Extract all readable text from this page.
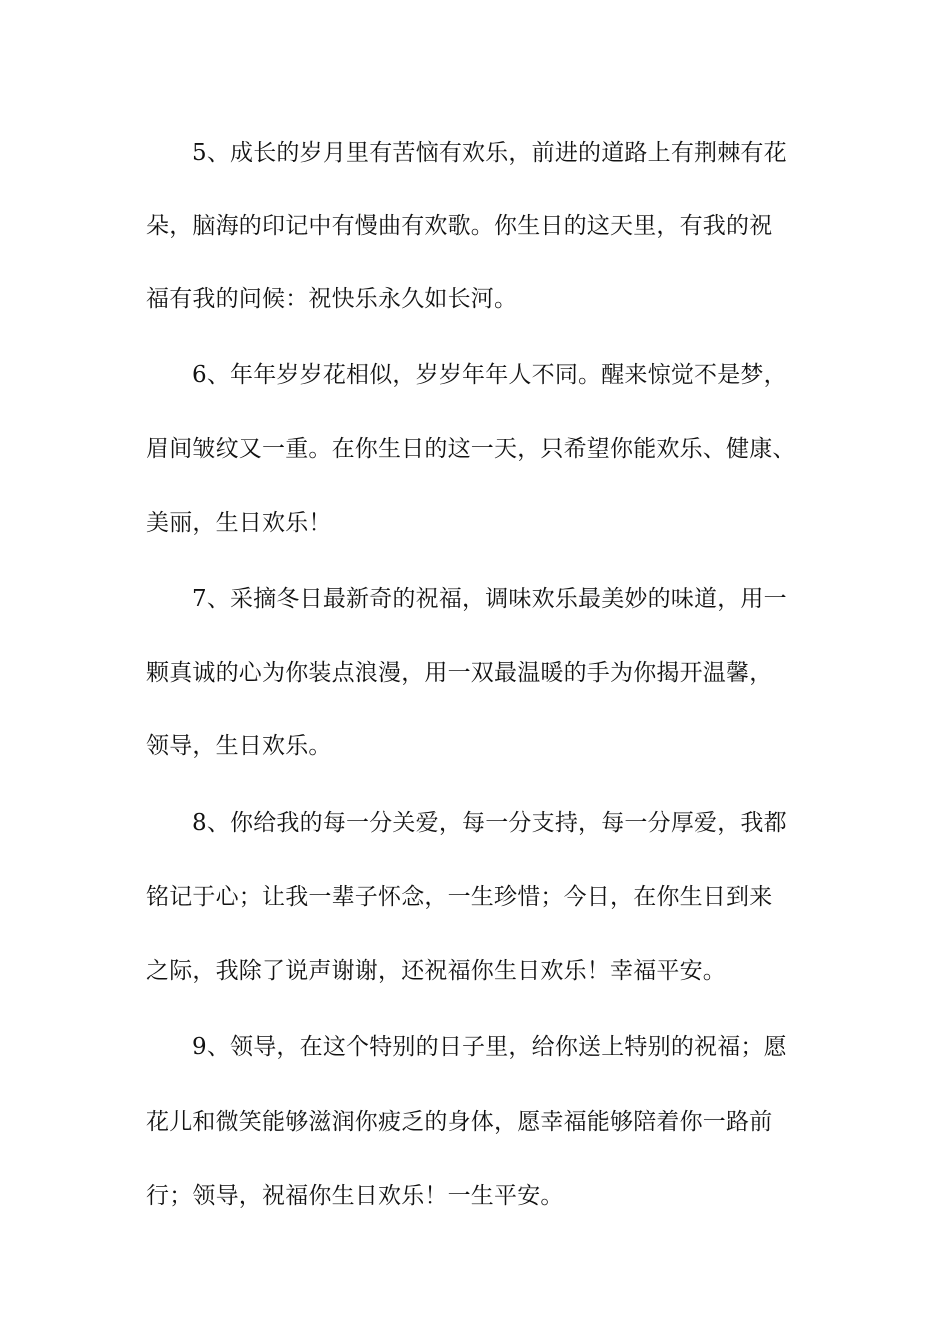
5、成长的岁月里有苦恼有欢乐，前进的道路上有荆棘有花
朵，脑海的印记中有慢曲有欢歌。你生日的这天里，有我的祝
福有我的问候：祝快乐永久如长河。
6、年年岁岁花相似，岁岁年年人不同。醒来惊觉不是梦，
眉间皱纹又一重。在你生日的这一天，只希望你能欢乐、健康、
美丽，生日欢乐！
7、采摘冬日最新奇的祝福，调味欢乐最美妙的味道，用一
颗真诚的心为你装点浪漫，用一双最温暖的手为你揭开温馨，
领导，生日欢乐。
8、你给我的每一分关爱，每一分支持，每一分厚爱，我都
铭记于心；让我一辈子怀念，一生珍惜；今日，在你生日到来
之际，我除了说声谢谢，还祝福你生日欢乐！幸福平安。
9、领导，在这个特别的日子里，给你送上特别的祝福；愿
花儿和微笑能够滋润你疲乏的身体，愿幸福能够陪着你一路前
行；领导，祝福你生日欢乐！一生平安。
